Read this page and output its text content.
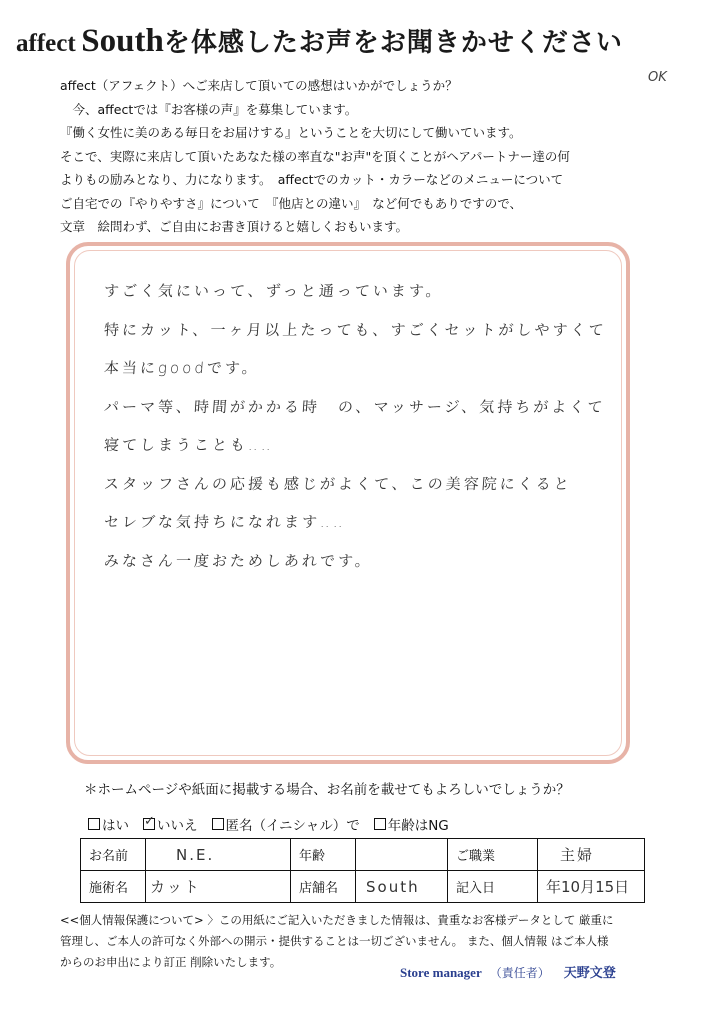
affect Southを体感したお声をお聞きかせください
OK
affect（アフェクト）へご来店して頂いての感想はいかがでしょうか？
　今、affectでは『お客様の声』を募集しています。
『働く女性に美のある毎日をお届けする』ということを大切にして働いています。
そこで、実際に来店して頂いたあなた様の率直な"お声"を頂くことがヘアパートナー達の何
よりもの励みとなり、力になります。　affectでのカット・カラーなどのメニューについて
ご自宅での『やりやすさ』について　『他店との違い』　など何でもありですので、
文章　絵問わず、ご自由にお書き頂けると嬉しくおもいます。
すごく気にいって、ずっと通っています。
特にカット、一ヶ月以上たっても、すごくセットがしやすくて
本当にgoodです。
パーマ等、時間がかかる時　の、マッサージ、気持ちがよくて
寝てしまうことも‥‥
スタッフさんの応援も感じがよくて、この美容院にくると
セレブな気持ちになれます‥‥
みなさん一度おためしあれです。
＊ホームページや紙面に掲載する場合、お名前を載せてもよろしいでしょうか？
はい ✓ いいえ 匿名（イニシャル）で 年齢はNG
お名前	N.E.	年齢		ご職業	主婦
施術名	カット	店舗名	South	記入日	年10月15日
<<個人情報保護について> 〉この用紙にご記入いただきました情報は、貴重なお客様データとして 厳重に
管理し、ご本人の許可なく外部への開示・提供することは一切ございません。 また、個人情報 はご本人様
からのお申出により訂正 削除いたします。
Store manager （責任者） 天野文登
